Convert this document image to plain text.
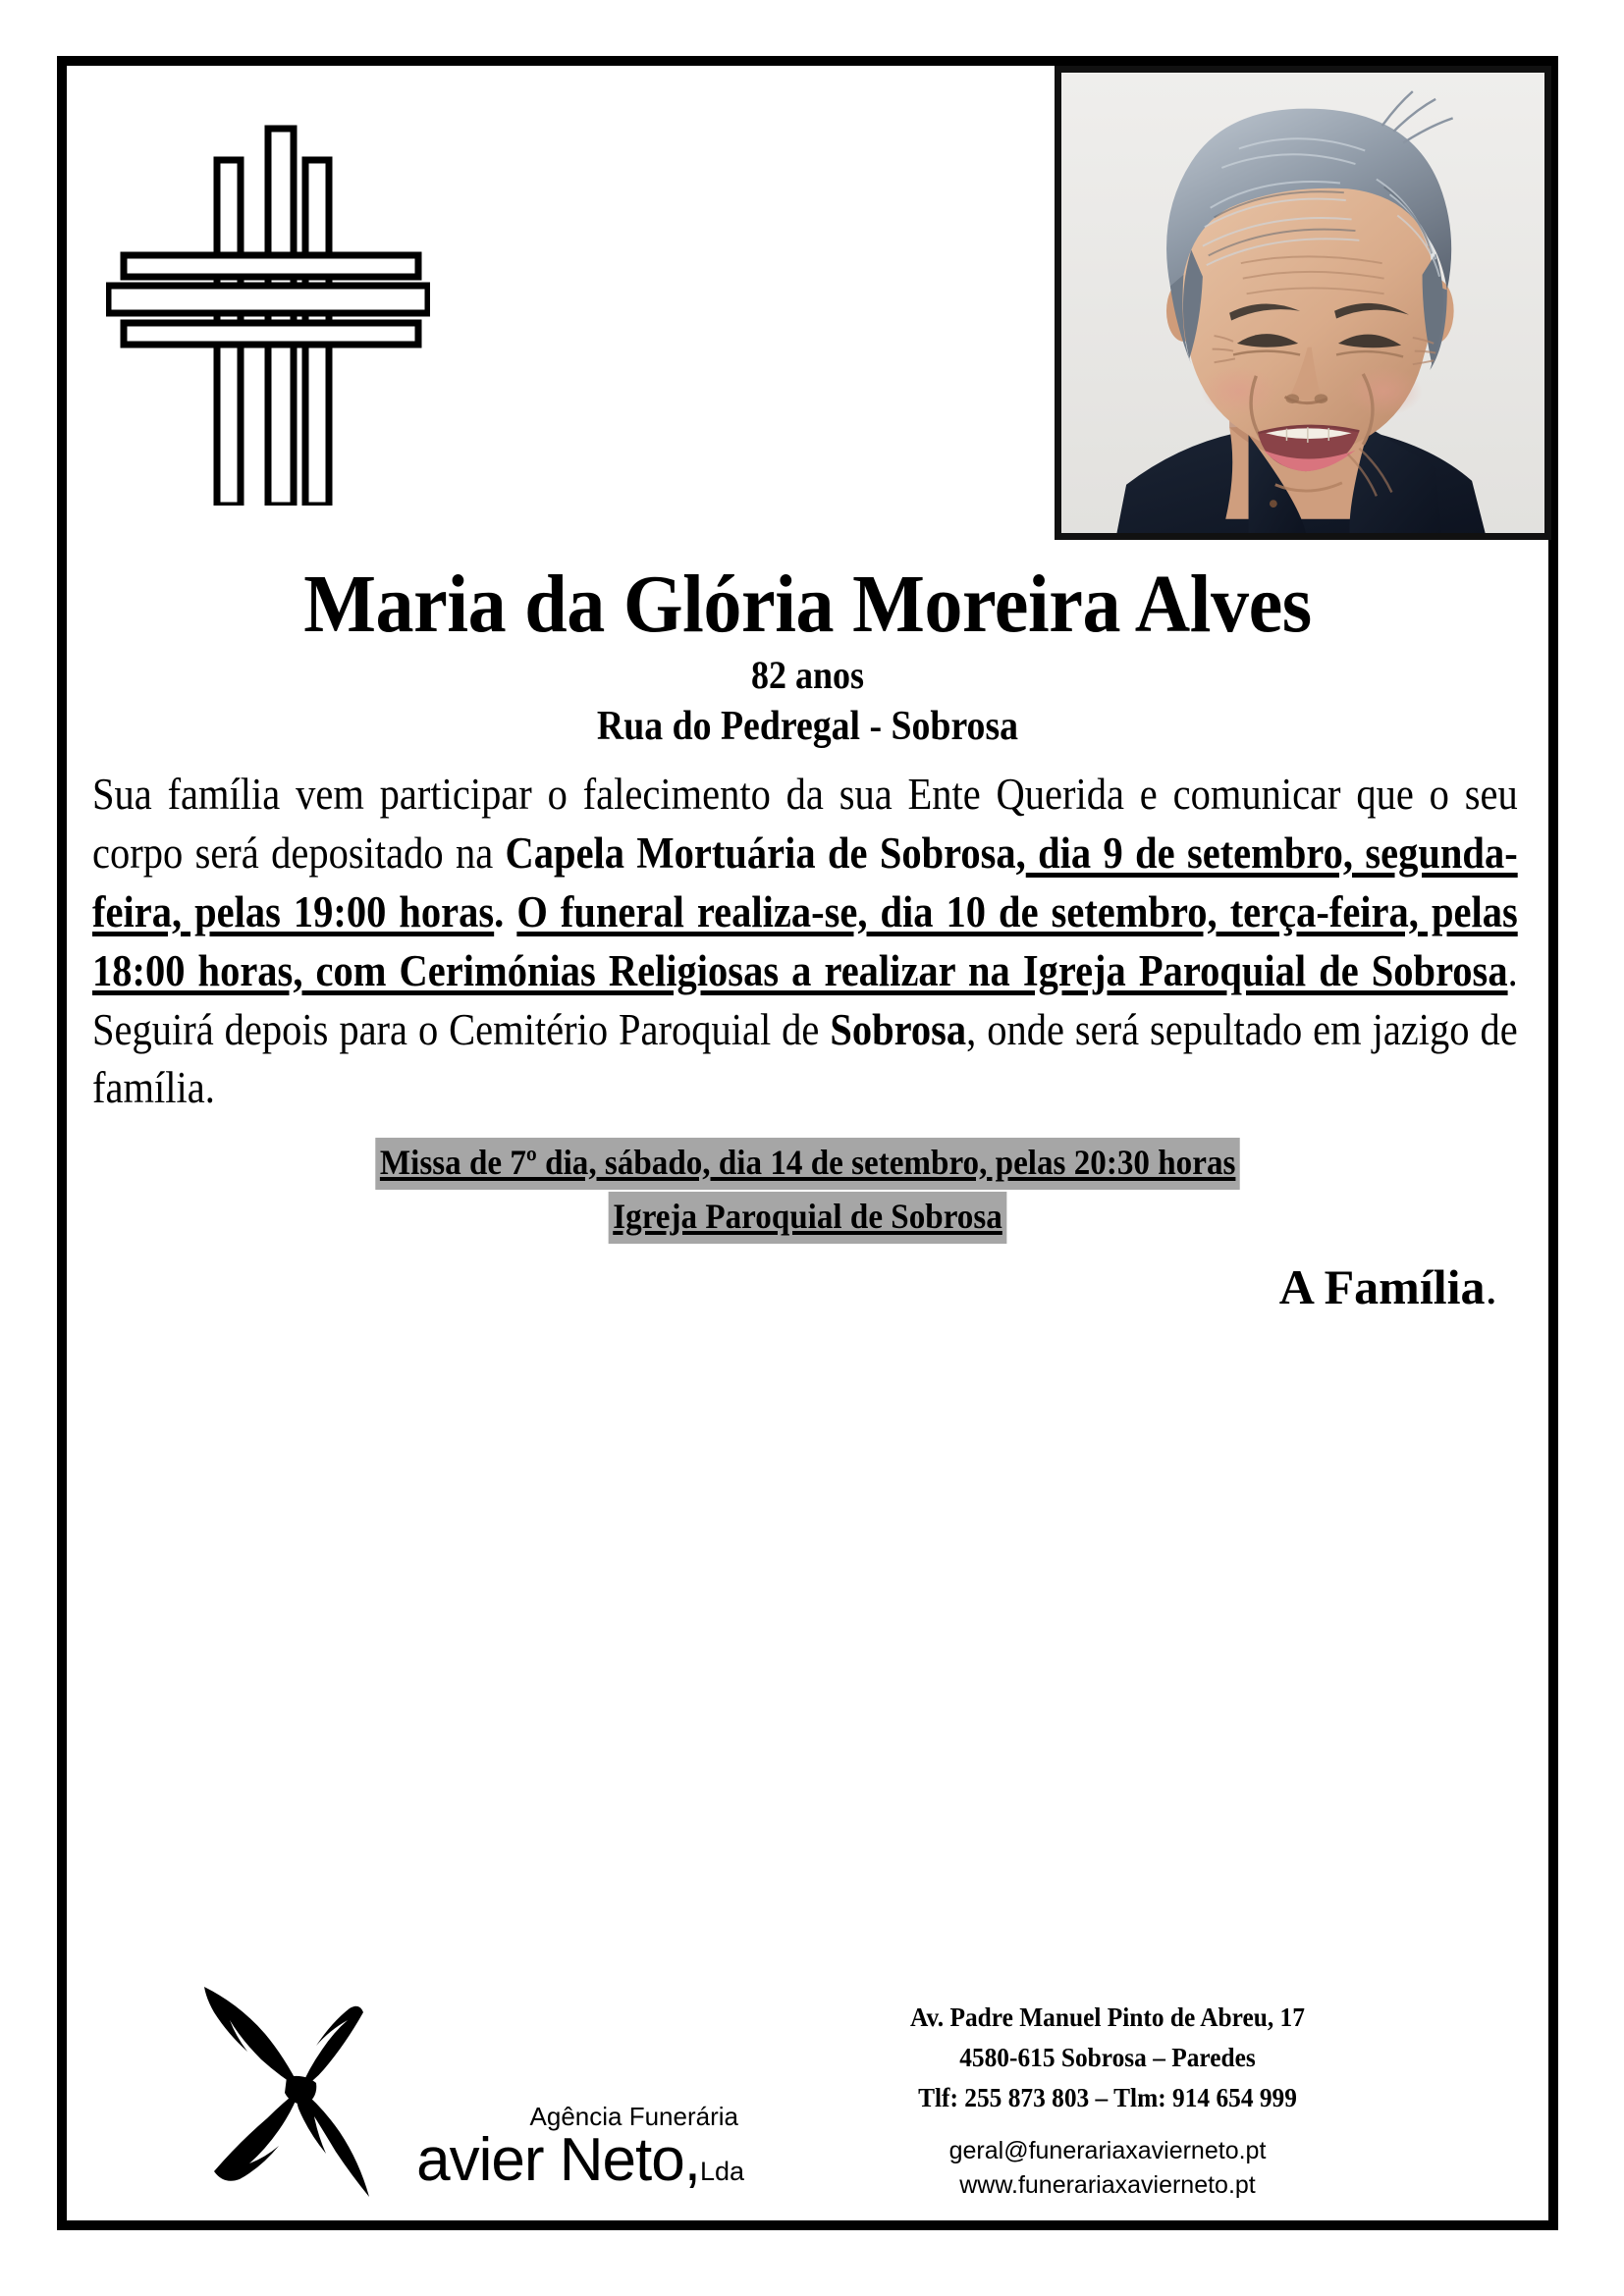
Maria da Glória Moreira Alves
82 anos
Rua do Pedregal - Sobrosa

Sua família vem participar o falecimento da sua Ente Querida e comunicar que o seu corpo será depositado na Capela Mortuária de Sobrosa, dia 9 de setembro, segunda-feira, pelas 19:00 horas. O funeral realiza-se, dia 10 de setembro, terça-feira, pelas 18:00 horas, com Cerimónias Religiosas a realizar na Igreja Paroquial de Sobrosa. Seguirá depois para o Cemitério Paroquial de Sobrosa, onde será sepultado em jazigo de família.

Missa de 7º dia, sábado, dia 14 de setembro, pelas 20:30 horas
Igreja Paroquial de Sobrosa
A Família.
Agência Funerária
avier Neto,Lda
Av. Padre Manuel Pinto de Abreu, 17
4580-615 Sobrosa – Paredes
Tlf: 255 873 803 – Tlm: 914 654 999
geral@funerariaxavierneto.pt
www.funerariaxavierneto.pt
